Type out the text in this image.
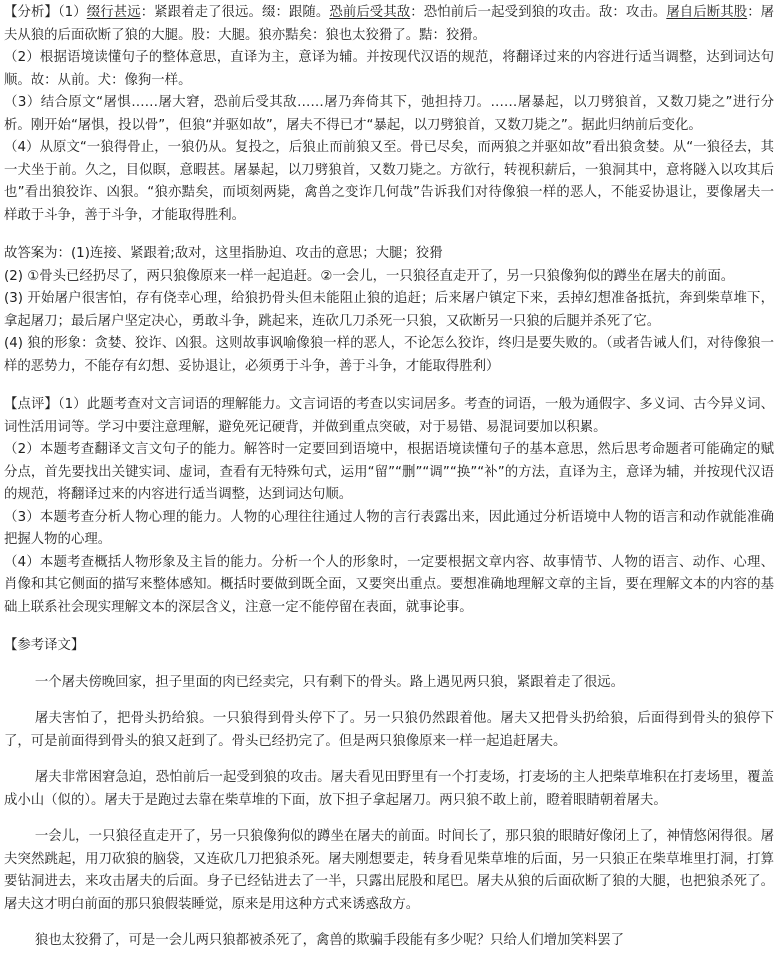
【分析】（1）缀行甚远：紧跟着走了很远。缀：跟随。恐前后受其敌：恐怕前后一起受到狼的攻击。敌：攻击。屠自后断其股：屠夫从狼的后面砍断了狼的大腿。股：大腿。狼亦黠矣：狼也太狡猾了。黠：狡猾。

（2）根据语境读懂句子的整体意思，直译为主，意译为辅。并按现代汉语的规范，将翻译过来的内容进行适当调整，达到词达句顺。故：从前。犬：像狗一样。

（3）结合原文“屠惧……屠大窘，恐前后受其敌……屠乃奔倚其下，弛担持刀。……屠暴起，以刀劈狼首，又数刀毙之”进行分析。刚开始“屠惧，投以骨”，但狼“并驱如故”，屠夫不得已才“暴起，以刀劈狼首，又数刀毙之”。据此归纳前后变化。

（4）从原文“一狼得骨止，一狼仍从。复投之，后狼止而前狼又至。骨已尽矣，而两狼之并驱如故”看出狼贪婪。从“一狼径去，其一犬坐于前。久之，目似瞑，意暇甚。屠暴起，以刀劈狼首，又数刀毙之。方欲行，转视积薪后，一狼洞其中，意将隧入以攻其后也”看出狼狡诈、凶狠。“狼亦黠矣，而顷刻两毙，禽兽之变诈几何哉”告诉我们对待像狼一样的恶人，不能妥协退让，要像屠夫一样敢于斗争，善于斗争，才能取得胜利。

故答案为：(1)连接、紧跟着;敌对，这里指胁迫、攻击的意思；大腿；狡猾

(2) ①骨头已经扔尽了，两只狼像原来一样一起追赶。②一会儿，一只狼径直走开了，另一只狼像狗似的蹲坐在屠夫的前面。

(3) 开始屠户很害怕，存有侥幸心理，给狼扔骨头但未能阻止狼的追赶；后来屠户镇定下来，丢掉幻想准备抵抗，奔到柴草堆下，拿起屠刀；最后屠户坚定决心，勇敢斗争，跳起来，连砍几刀杀死一只狼，又砍断另一只狼的后腿并杀死了它。

(4) 狼的形象：贪婪、狡诈、凶狠。这则故事讽喻像狼一样的恶人，不论怎么狡诈，终归是要失败的。（或者告诫人们，对待像狼一样的恶势力，不能存有幻想、妥协退让，必须勇于斗争，善于斗争，才能取得胜利）

【点评】（1）此题考查对文言词语的理解能力。文言词语的考查以实词居多。考查的词语，一般为通假字、多义词、古今异义词、词性活用词等。学习中要注意理解，避免死记硬背，并做到重点突破，对于易错、易混词要加以积累。

（2）本题考查翻译文言文句子的能力。解答时一定要回到语境中，根据语境读懂句子的基本意思，然后思考命题者可能确定的赋分点，首先要找出关键实词、虚词，查看有无特殊句式，运用“留”“删”“调”“换”“补”的方法，直译为主，意译为辅，并按现代汉语的规范，将翻译过来的内容进行适当调整，达到词达句顺。

（3）本题考查分析人物心理的能力。人物的心理往往通过人物的言行表露出来，因此通过分析语境中人物的语言和动作就能准确把握人物的心理。

（4）本题考查概括人物形象及主旨的能力。分析一个人的形象时，一定要根据文章内容、故事情节、人物的语言、动作、心理、肖像和其它侧面的描写来整体感知。概括时要做到既全面，又要突出重点。要想准确地理解文章的主旨，要在理解文本的内容的基础上联系社会现实理解文本的深层含义，注意一定不能停留在表面，就事论事。

【参考译文】

一个屠夫傍晚回家，担子里面的肉已经卖完，只有剩下的骨头。路上遇见两只狼，紧跟着走了很远。

屠夫害怕了，把骨头扔给狼。一只狼得到骨头停下了。另一只狼仍然跟着他。屠夫又把骨头扔给狼，后面得到骨头的狼停下了，可是前面得到骨头的狼又赶到了。骨头已经扔完了。但是两只狼像原来一样一起追赶屠夫。

屠夫非常困窘急迫，恐怕前后一起受到狼的攻击。屠夫看见田野里有一个打麦场，打麦场的主人把柴草堆积在打麦场里，覆盖成小山（似的）。屠夫于是跑过去靠在柴草堆的下面，放下担子拿起屠刀。两只狼不敢上前，瞪着眼睛朝着屠夫。

一会儿，一只狼径直走开了，另一只狼像狗似的蹲坐在屠夫的前面。时间长了，那只狼的眼睛好像闭上了，神情悠闲得很。屠夫突然跳起，用刀砍狼的脑袋，又连砍几刀把狼杀死。屠夫刚想要走，转身看见柴草堆的后面，另一只狼正在柴草堆里打洞，打算要钻洞进去，来攻击屠夫的后面。身子已经钻进去了一半，只露出屁股和尾巴。屠夫从狼的后面砍断了狼的大腿，也把狼杀死了。屠夫这才明白前面的那只狼假装睡觉，原来是用这种方式来诱惑敌方。

狼也太狡猾了，可是一会儿两只狼都被杀死了，禽兽的欺骗手段能有多少呢？只给人们增加笑料罢了
